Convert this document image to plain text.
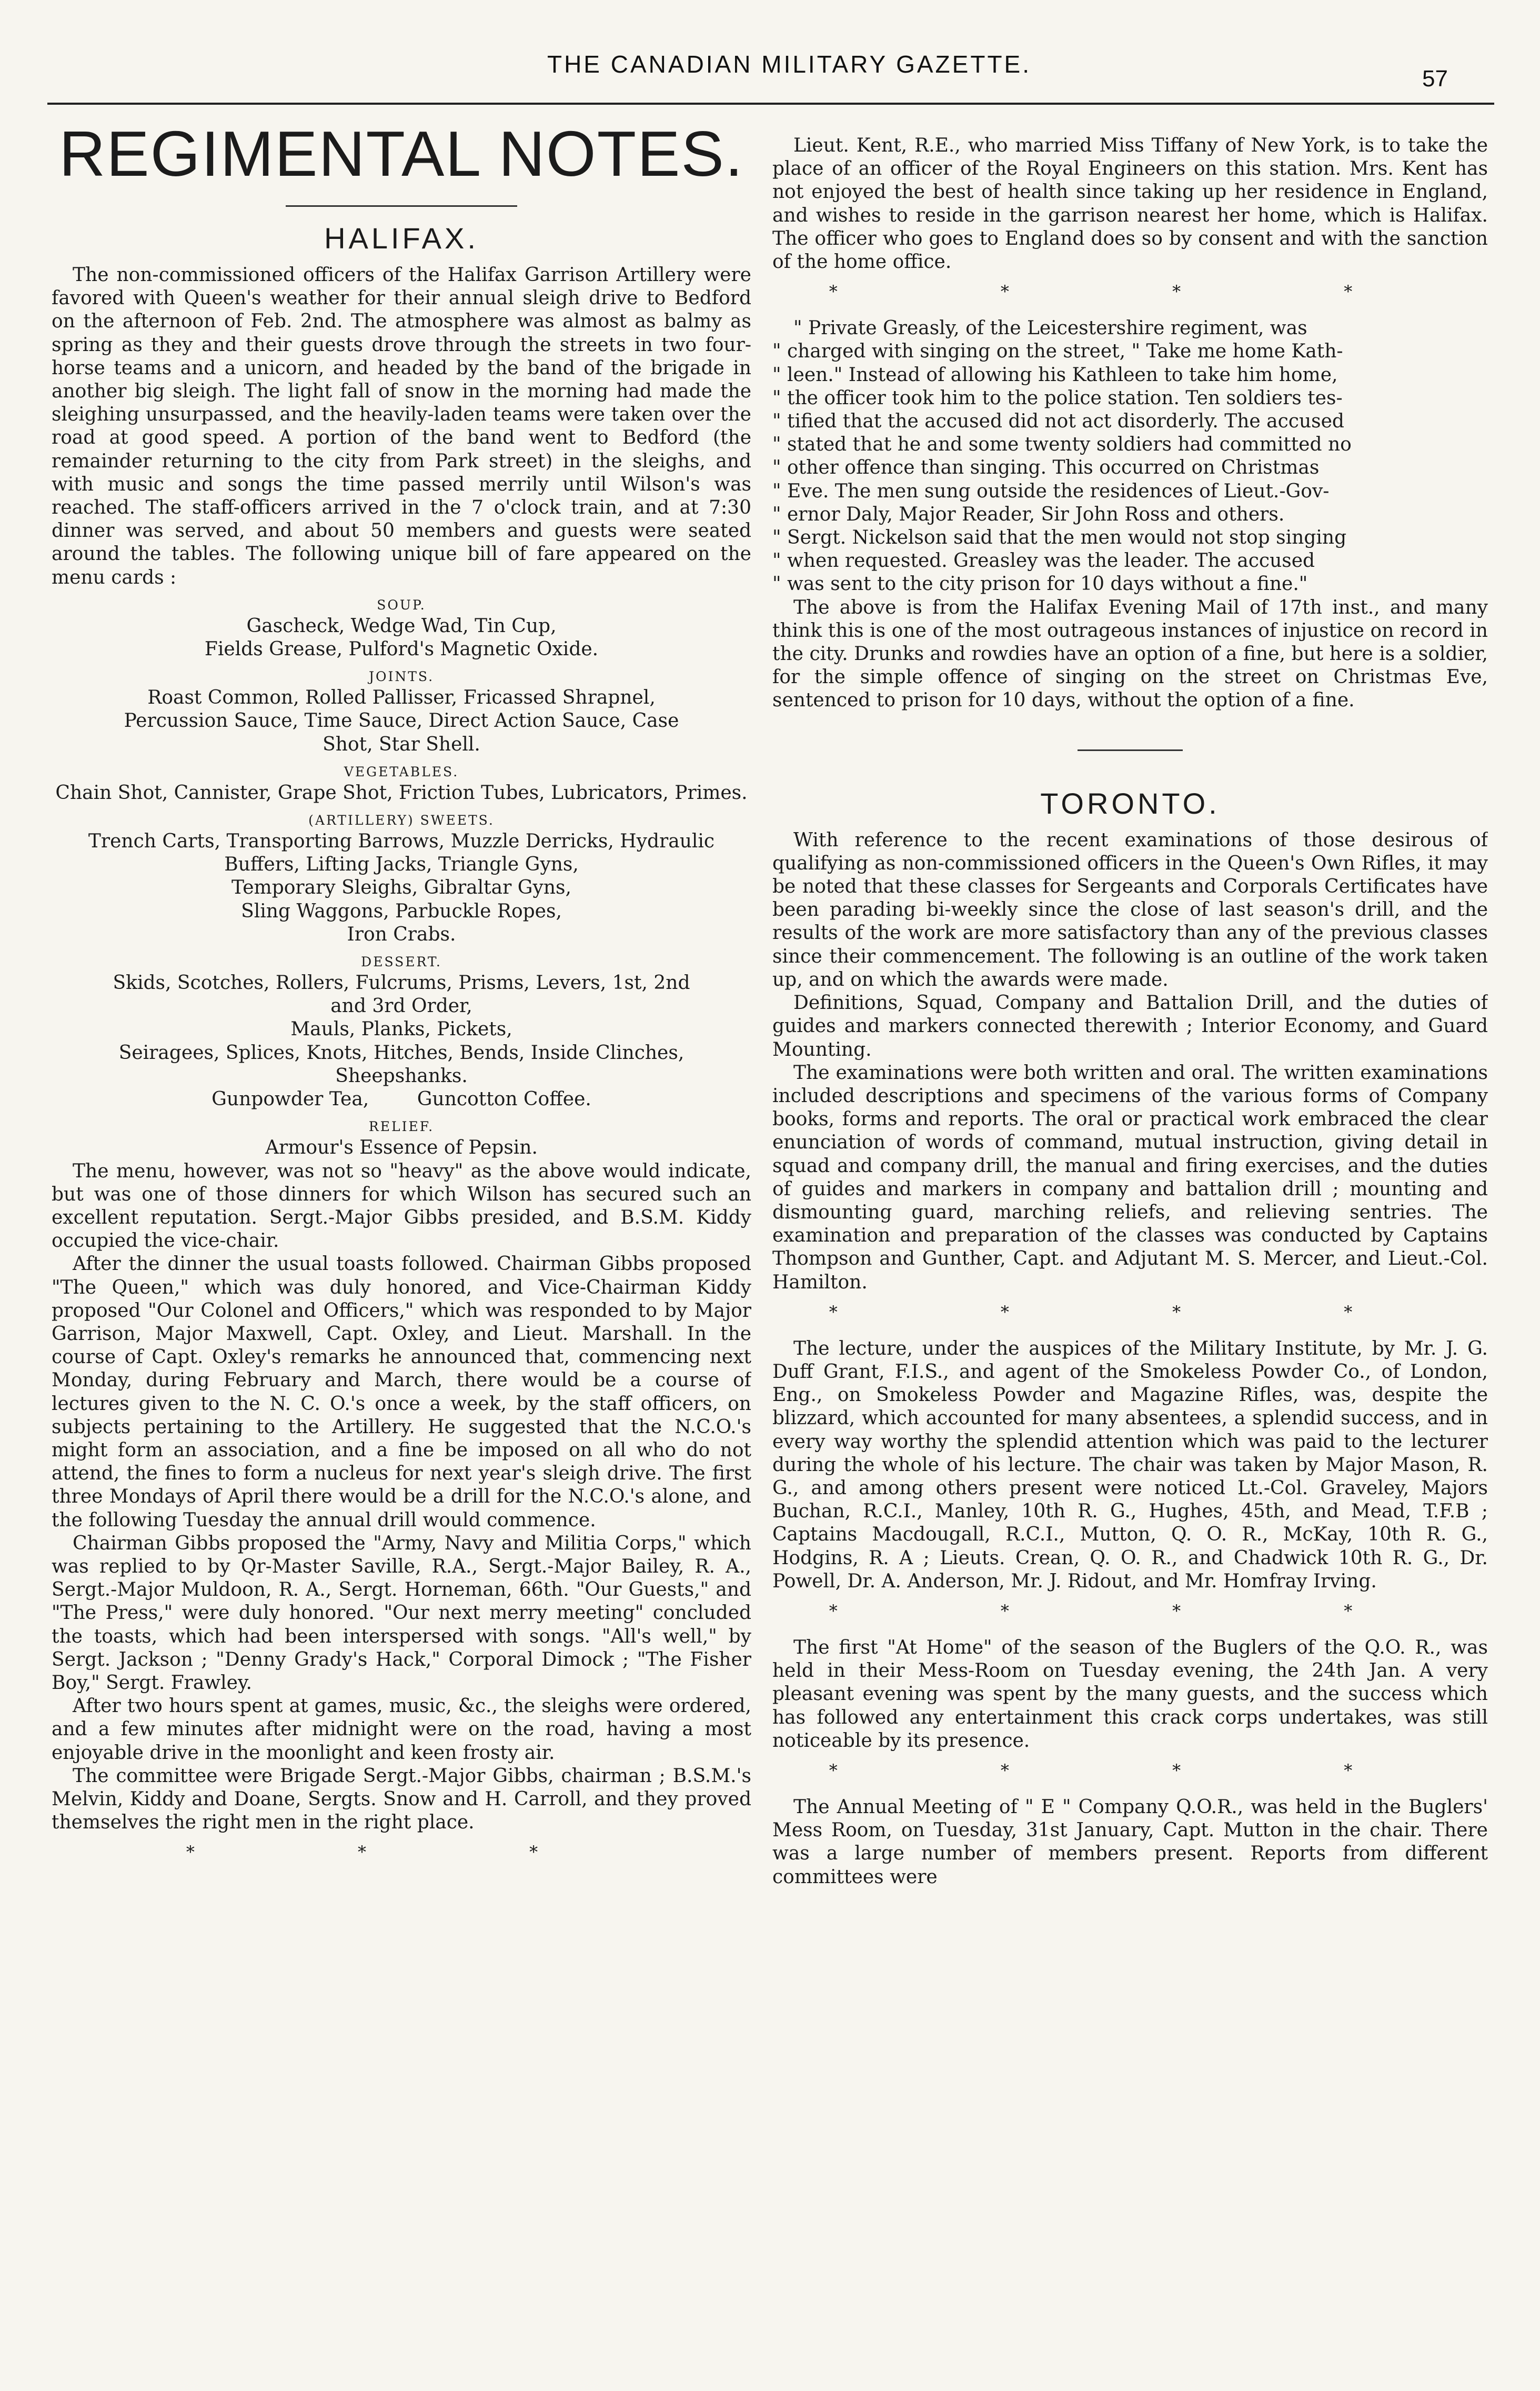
THE CANADIAN MILITARY GAZETTE.
57
REGIMENTAL NOTES.
HALIFAX.

The non-commissioned officers of the Halifax Garrison Artillery were favored with Queen's weather for their annual sleigh drive to Bedford on the afternoon of Feb. 2nd. The atmosphere was almost as balmy as spring as they and their guests drove through the streets in two four-horse teams and a unicorn, and headed by the band of the brigade in another big sleigh. The light fall of snow in the morning had made the sleighing unsurpassed, and the heavily-laden teams were taken over the road at good speed. A portion of the band went to Bedford (the remainder returning to the city from Park street) in the sleighs, and with music and songs the time passed merrily until Wilson's was reached. The staff-officers arrived in the 7 o'clock train, and at 7:30 dinner was served, and about 50 members and guests were seated around the tables. The following unique bill of fare appeared on the menu cards :

SOUP.

Gascheck, Wedge Wad, Tin Cup,

Fields Grease, Pulford's Magnetic Oxide.

JOINTS.

Roast Common, Rolled Pallisser, Fricassed Shrapnel,

Percussion Sauce, Time Sauce, Direct Action Sauce, Case

Shot, Star Shell.

VEGETABLES.

Chain Shot, Cannister, Grape Shot, Friction Tubes, Lubricators, Primes.

(ARTILLERY) SWEETS.

Trench Carts, Transporting Barrows, Muzzle Derricks, Hydraulic Buffers, Lifting Jacks, Triangle Gyns,

Temporary Sleighs, Gibraltar Gyns,

Sling Waggons, Parbuckle Ropes,

Iron Crabs.

DESSERT.

Skids, Scotches, Rollers, Fulcrums, Prisms, Levers, 1st, 2nd

and 3rd Order,

Mauls, Planks, Pickets,

Seiragees, Splices, Knots, Hitches, Bends, Inside Clinches,

Sheepshanks.

Gunpowder Tea,        Guncotton Coffee.

RELIEF.

Armour's Essence of Pepsin.

The menu, however, was not so "heavy" as the above would indicate, but was one of those dinners for which Wilson has secured such an excellent reputation. Sergt.-Major Gibbs presided, and B.S.M. Kiddy occupied the vice-chair.

After the dinner the usual toasts followed. Chairman Gibbs proposed "The Queen," which was duly honored, and Vice-Chairman Kiddy proposed "Our Colonel and Officers," which was responded to by Major Garrison, Major Maxwell, Capt. Oxley, and Lieut. Marshall. In the course of Capt. Oxley's remarks he announced that, commencing next Monday, during February and March, there would be a course of lectures given to the N. C. O.'s once a week, by the staff officers, on subjects pertaining to the Artillery. He suggested that the N.C.O.'s might form an association, and a fine be imposed on all who do not attend, the fines to form a nucleus for next year's sleigh drive. The first three Mondays of April there would be a drill for the N.C.O.'s alone, and the following Tuesday the annual drill would commence.

Chairman Gibbs proposed the "Army, Navy and Militia Corps," which was replied to by Qr-Master Saville, R.A., Sergt.-Major Bailey, R. A., Sergt.-Major Muldoon, R. A., Sergt. Horneman, 66th. "Our Guests," and "The Press," were duly honored. "Our next merry meeting" concluded the toasts, which had been interspersed with songs. "All's well," by Sergt. Jackson ; "Denny Grady's Hack," Corporal Dimock ; "The Fisher Boy," Sergt. Frawley.

After two hours spent at games, music, &c., the sleighs were ordered, and a few minutes after midnight were on the road, having a most enjoyable drive in the moonlight and keen frosty air.

The committee were Brigade Sergt.-Major Gibbs, chairman ; B.S.M.'s Melvin, Kiddy and Doane, Sergts. Snow and H. Carroll, and they proved themselves the right men in the right place.

* * *

Lieut. Kent, R.E., who married Miss Tiffany of New York, is to take the place of an officer of the Royal Engineers on this station. Mrs. Kent has not enjoyed the best of health since taking up her residence in England, and wishes to reside in the garrison nearest her home, which is Halifax. The officer who goes to England does so by consent and with the sanction of the home office.

* * * *

" Private Greasly, of the Leicestershire regiment, was

" charged with singing on the street, " Take me home Kath-

" leen." Instead of allowing his Kathleen to take him home,

" the officer took him to the police station. Ten soldiers tes-

" tified that the accused did not act disorderly. The accused

" stated that he and some twenty soldiers had committed no

" other offence than singing. This occurred on Christmas

" Eve. The men sung outside the residences of Lieut.-Gov-

" ernor Daly, Major Reader, Sir John Ross and others.

" Sergt. Nickelson said that the men would not stop singing

" when requested. Greasley was the leader. The accused

" was sent to the city prison for 10 days without a fine."

The above is from the Halifax Evening Mail of 17th inst., and many think this is one of the most outrageous instances of injustice on record in the city. Drunks and rowdies have an option of a fine, but here is a soldier, for the simple offence of singing on the street on Christmas Eve, sentenced to prison for 10 days, without the option of a fine.

TORONTO.

With reference to the recent examinations of those desirous of qualifying as non-commissioned officers in the Queen's Own Rifles, it may be noted that these classes for Sergeants and Corporals Certificates have been parading bi-weekly since the close of last season's drill, and the results of the work are more satisfactory than any of the previous classes since their commencement. The following is an outline of the work taken up, and on which the awards were made.

Definitions, Squad, Company and Battalion Drill, and the duties of guides and markers connected therewith ; Interior Economy, and Guard Mounting.

The examinations were both written and oral. The written examinations included descriptions and specimens of the various forms of Company books, forms and reports. The oral or practical work embraced the clear enunciation of words of command, mutual instruction, giving detail in squad and company drill, the manual and firing exercises, and the duties of guides and markers in company and battalion drill ; mounting and dismounting guard, marching reliefs, and relieving sentries. The examination and preparation of the classes was conducted by Captains Thompson and Gunther, Capt. and Adjutant M. S. Mercer, and Lieut.-Col. Hamilton.

* * * *

The lecture, under the auspices of the Military Institute, by Mr. J. G. Duff Grant, F.I.S., and agent of the Smokeless Powder Co., of London, Eng., on Smokeless Powder and Magazine Rifles, was, despite the blizzard, which accounted for many absentees, a splendid success, and in every way worthy the splendid attention which was paid to the lecturer during the whole of his lecture. The chair was taken by Major Mason, R. G., and among others present were noticed Lt.-Col. Graveley, Majors Buchan, R.C.I., Manley, 10th R. G., Hughes, 45th, and Mead, T.F.B ; Captains Macdougall, R.C.I., Mutton, Q. O. R., McKay, 10th R. G., Hodgins, R. A ; Lieuts. Crean, Q. O. R., and Chadwick 10th R. G., Dr. Powell, Dr. A. Anderson, Mr. J. Ridout, and Mr. Homfray Irving.

* * * *

The first "At Home" of the season of the Buglers of the Q.O. R., was held in their Mess-Room on Tuesday evening, the 24th Jan. A very pleasant evening was spent by the many guests, and the success which has followed any entertainment this crack corps undertakes, was still noticeable by its presence.

* * * *

The Annual Meeting of " E " Company Q.O.R., was held in the Buglers' Mess Room, on Tuesday, 31st January, Capt. Mutton in the chair. There was a large number of members present. Reports from different committees were
